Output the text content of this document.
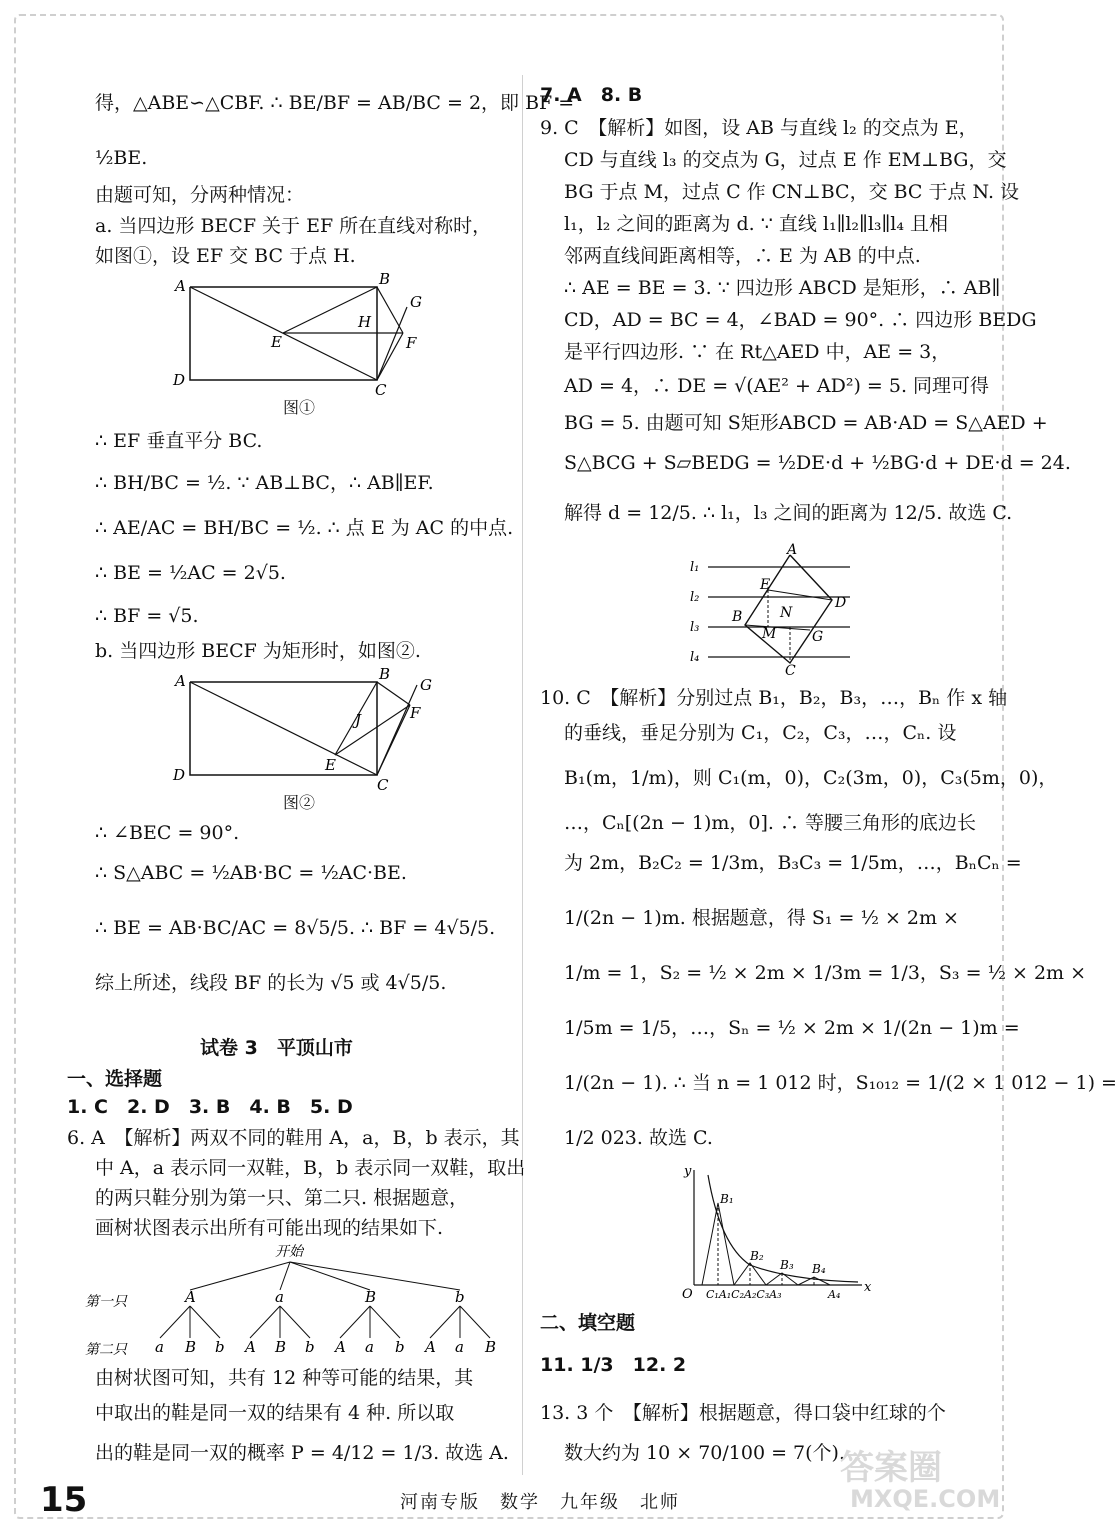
得，△ABE∽△CBF. ∴ BE/BF = AB/BC = 2，即 BF =
½BE.
由题可知，分两种情况：
a. 当四边形 BECF 关于 EF 所在直线对称时，
如图①，设 EF 交 BC 于点 H.
A	B
D
C
E
H
F
G
图①
∴ EF 垂直平分 BC.
∴ BH/BC = ½. ∵ AB⊥BC，∴ AB∥EF.
∴ AE/AC = BH/BC = ½. ∴ 点 E 为 AC 的中点.
∴ BE = ½AC = 2√5.
∴ BF = √5.
b. 当四边形 BECF 为矩形时，如图②.
A	B
D
C
E
J	F
G
图②
∴ ∠BEC = 90°.
∴ S△ABC = ½AB·BC = ½AC·BE.
∴ BE = AB·BC/AC = 8√5/5. ∴ BF = 4√5/5.
综上所述，线段 BF 的长为 √5 或 4√5/5.
试卷 3　平顶山市
一、选择题
1. C　2. D　3. B　4. B　5. D
6. A　【解析】两双不同的鞋用 A，a，B，b 表示，其
中 A，a 表示同一双鞋，B，b 表示同一双鞋，取出
的两只鞋分别为第一只、第二只. 根据题意，
画树状图表示出所有可能出现的结果如下.
开始
第一只
第二只
A
a B b
a
A B b
B
A a b
b
A a B
由树状图可知，共有 12 种等可能的结果，其
中取出的鞋是同一双的结果有 4 种. 所以取
出的鞋是同一双的概率 P = 4/12 = 1/3. 故选 A.
7. A　8. B
9. C　【解析】如图，设 AB 与直线 l₂ 的交点为 E，
CD 与直线 l₃ 的交点为 G，过点 E 作 EM⊥BG，交
BG 于点 M，过点 C 作 CN⊥BC，交 BC 于点 N. 设
l₁，l₂ 之间的距离为 d. ∵ 直线 l₁∥l₂∥l₃∥l₄ 且相
邻两直线间距离相等，∴ E 为 AB 的中点.
∴ AE = BE = 3. ∵ 四边形 ABCD 是矩形，∴ AB∥
CD，AD = BC = 4，∠BAD = 90°. ∴ 四边形 BEDG
是平行四边形. ∵ 在 Rt△AED 中，AE = 3，
AD = 4，∴ DE = √(AE² + AD²) = 5. 同理可得
BG = 5. 由题可知 S矩形ABCD = AB·AD = S△AED +
S△BCG + S▱BEDG = ½DE·d + ½BG·d + DE·d = 24.
解得 d = 12/5. ∴ l₁，l₃ 之间的距离为 12/5. 故选 C.
l₁
l₂
l₃
l₄
A
E
B	N
M
D
G
C
10. C　【解析】分别过点 B₁，B₂，B₃，…，Bₙ 作 x 轴
的垂线，垂足分别为 C₁，C₂，C₃，…，Cₙ. 设
B₁(m，1/m)，则 C₁(m，0)，C₂(3m，0)，C₃(5m，0)，
…，Cₙ[(2n − 1)m，0]. ∴ 等腰三角形的底边长
为 2m，B₂C₂ = 1/3m，B₃C₃ = 1/5m，…，BₙCₙ =
1/(2n − 1)m. 根据题意，得 S₁ = ½ × 2m ×
1/m = 1，S₂ = ½ × 2m × 1/3m = 1/3，S₃ = ½ × 2m ×
1/5m = 1/5，…，Sₙ = ½ × 2m × 1/(2n − 1)m =
1/(2n − 1). ∴ 当 n = 1 012 时，S₁₀₁₂ = 1/(2 × 1 012 − 1) =
1/2 023. 故选 C.
y
x
O
B₁
B₂
B₃ B₄
C₁A₁C₂A₂C₃A₃	A₄
二、填空题
11. 1/3　12. 2
13. 3 个　【解析】根据题意，得口袋中红球的个
数大约为 10 × 70/100 = 7(个).
15	河南专版　数学　九年级　北师
答案圈
MXQE.COM
